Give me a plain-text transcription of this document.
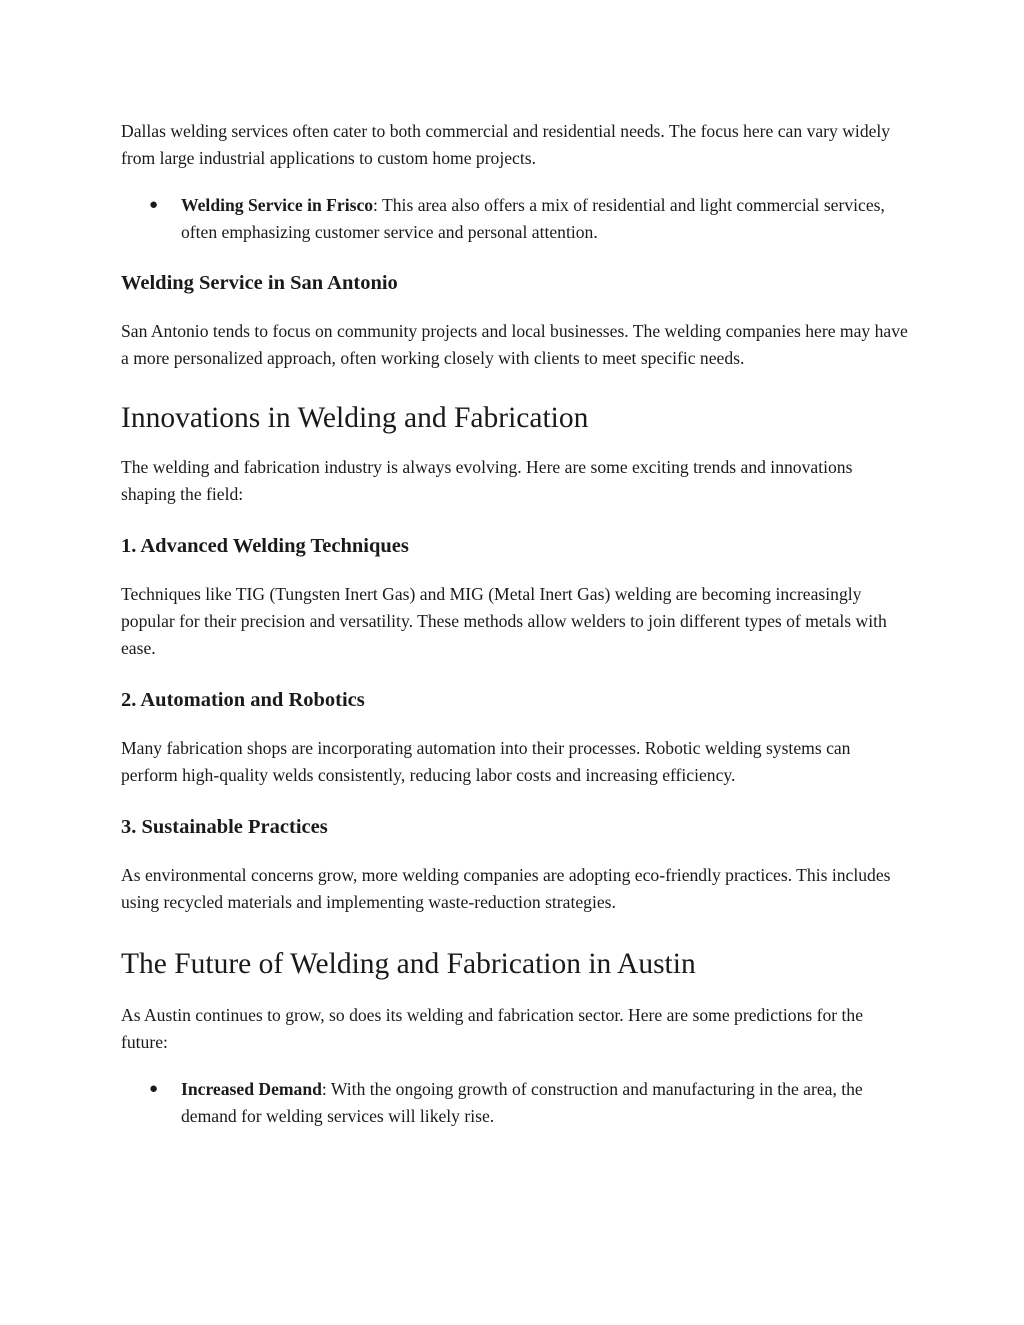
Dallas welding services often cater to both commercial and residential needs. The focus here can vary widely from large industrial applications to custom home projects.

● Welding Service in Frisco: This area also offers a mix of residential and light commercial services, often emphasizing customer service and personal attention.
Welding Service in San Antonio

San Antonio tends to focus on community projects and local businesses. The welding companies here may have a more personalized approach, often working closely with clients to meet specific needs.

Innovations in Welding and Fabrication

The welding and fabrication industry is always evolving. Here are some exciting trends and innovations shaping the field:

1. Advanced Welding Techniques

Techniques like TIG (Tungsten Inert Gas) and MIG (Metal Inert Gas) welding are becoming increasingly popular for their precision and versatility. These methods allow welders to join different types of metals with ease.

2. Automation and Robotics

Many fabrication shops are incorporating automation into their processes. Robotic welding systems can perform high-quality welds consistently, reducing labor costs and increasing efficiency.

3. Sustainable Practices

As environmental concerns grow, more welding companies are adopting eco-friendly practices. This includes using recycled materials and implementing waste-reduction strategies.

The Future of Welding and Fabrication in Austin

As Austin continues to grow, so does its welding and fabrication sector. Here are some predictions for the future:

● Increased Demand: With the ongoing growth of construction and manufacturing in the area, the demand for welding services will likely rise.
